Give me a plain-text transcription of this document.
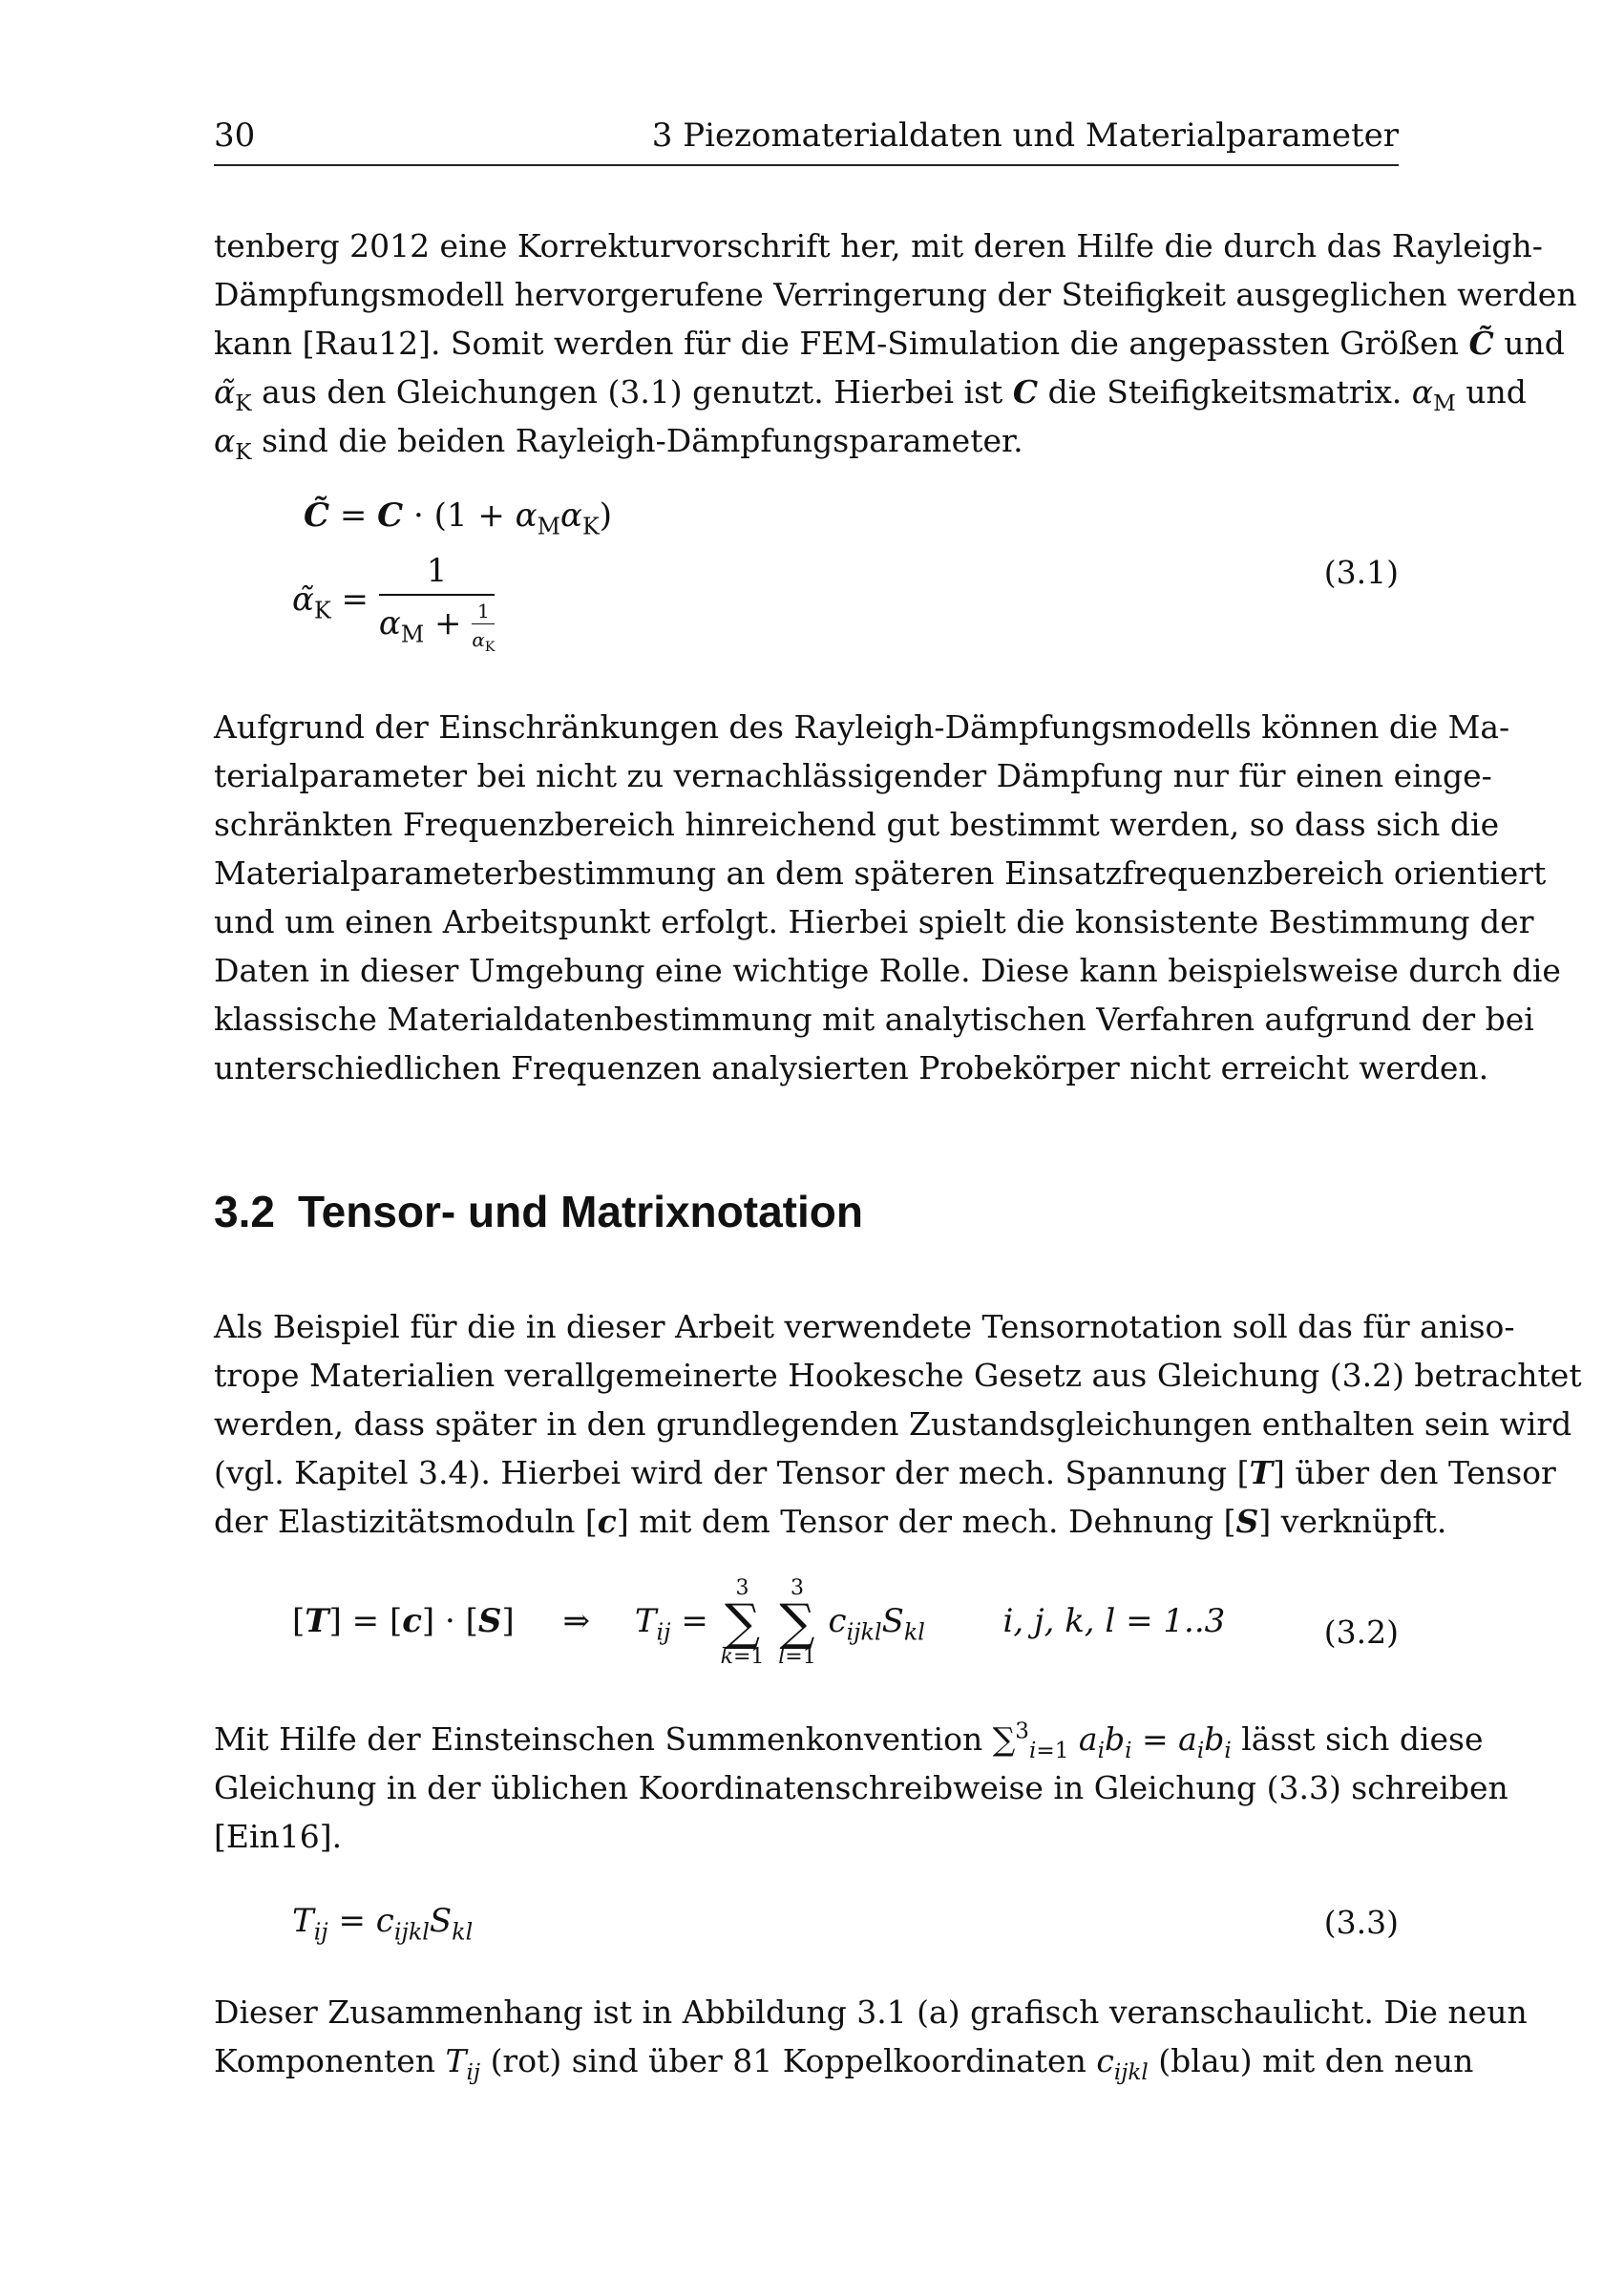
30	3 Piezomaterialdaten und Materialparameter
tenberg 2012 eine Korrekturvorschrift her, mit deren Hilfe die durch das Rayleigh-
Dämpfungsmodell hervorgerufene Verringerung der Steifigkeit ausgeglichen werden
kann [Rau12]. Somit werden für die FEM-Simulation die angepassten Größen C̃ und
$\alphã_K$ aus den Gleichungen (3.1) genutzt. Hierbei ist C die Steifigkeitsmatrix. $\alpha_M$ und
$\alpha_K$ sind die beiden Rayleigh-Dämpfungsparameter.
C̃ = $C \cdot (1 + \alpha_M\alpha_K)$
$\alphã_K = \frac{1}{\alpha_M + \frac{1}{\alpha_K}}$	(3.1)
Aufgrund der Einschränkungen des Rayleigh-Dämpfungsmodells können die Ma-
terialparameter bei nicht zu vernachlässigender Dämpfung nur für einen einge-
schränkten Frequenzbereich hinreichend gut bestimmt werden, so dass sich die
Materialparameterbestimmung an dem späteren Einsatzfrequenzbereich orientiert
und um einen Arbeitspunkt erfolgt. Hierbei spielt die konsistente Bestimmung der
Daten in dieser Umgebung eine wichtige Rolle. Diese kann beispielsweise durch die
klassische Materialdatenbestimmung mit analytischen Verfahren aufgrund der bei
unterschiedlichen Frequenzen analysierten Probekörper nicht erreicht werden.
3.2 Tensor- und Matrixnotation
Als Beispiel für die in dieser Arbeit verwendete Tensornotation soll das für aniso-
trope Materialien verallgemeinerte Hookesche Gesetz aus Gleichung (3.2) betrachtet
werden, dass später in den grundlegenden Zustandsgleichungen enthalten sein wird
(vgl. Kapitel 3.4). Hierbei wird der Tensor der mech. Spannung [T] über den Tensor
der Elastizitätsmoduln [c] mit dem Tensor der mech. Dehnung [S] verknüpft.
[T] = [c] · [S] ⇒ $T_{ij}$ =
3
∑
k=1

3
∑
l=1
$c_{ijkl}S_{kl}$ i, j, k, l = 1..3	(3.2)
Mit Hilfe der Einsteinschen Summenkonvention ∑$^3_{i=1}$ $a_ib_i = a_ib_i$ lässt sich diese
Gleichung in der üblichen Koordinatenschreibweise in Gleichung (3.3) schreiben
[Ein16].
$T_{ij} = c_{ijkl}S_{kl}$	(3.3)
Dieser Zusammenhang ist in Abbildung 3.1 (a) grafisch veranschaulicht. Die neun
Komponenten $T_{ij}$ (rot) sind über 81 Koppelkoordinaten $c_{ijkl}$ (blau) mit den neun
